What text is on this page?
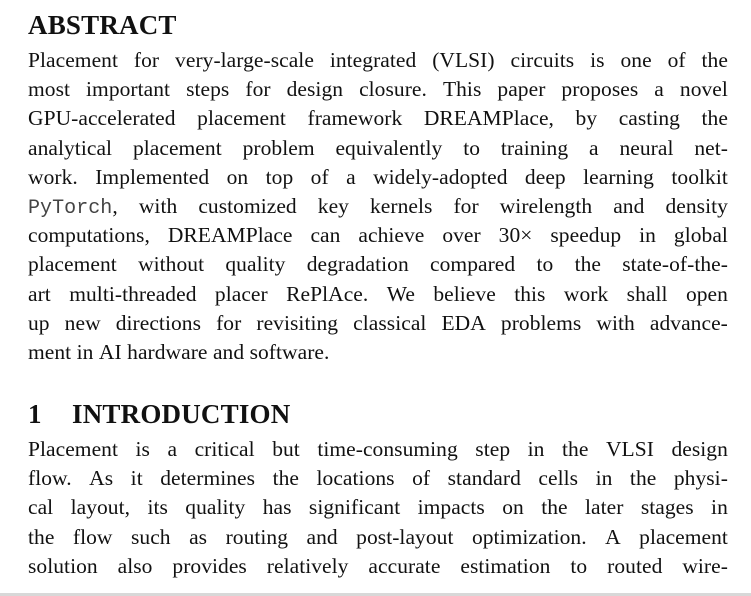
ABSTRACT
Placement for very-large-scale integrated (VLSI) circuits is one of the
most important steps for design closure. This paper proposes a novel
GPU-accelerated placement framework DREAMPlace, by casting the
analytical placement problem equivalently to training a neural net-
work. Implemented on top of a widely-adopted deep learning toolkit
PyTorch, with customized key kernels for wirelength and density
computations, DREAMPlace can achieve over 30× speedup in global
placement without quality degradation compared to the state-of-the-
art multi-threaded placer RePlAce. We believe this work shall open
up new directions for revisiting classical EDA problems with advance-
ment
in
AI
hardware
and
software.
1	INTRODUCTION
Placement is a critical but time-consuming step in the VLSI design
flow. As it determines the locations of standard cells in the physi-
cal layout, its quality has significant impacts on the later stages in
the flow such as routing and post-layout optimization. A placement
solution also provides relatively accurate estimation to routed wire-
